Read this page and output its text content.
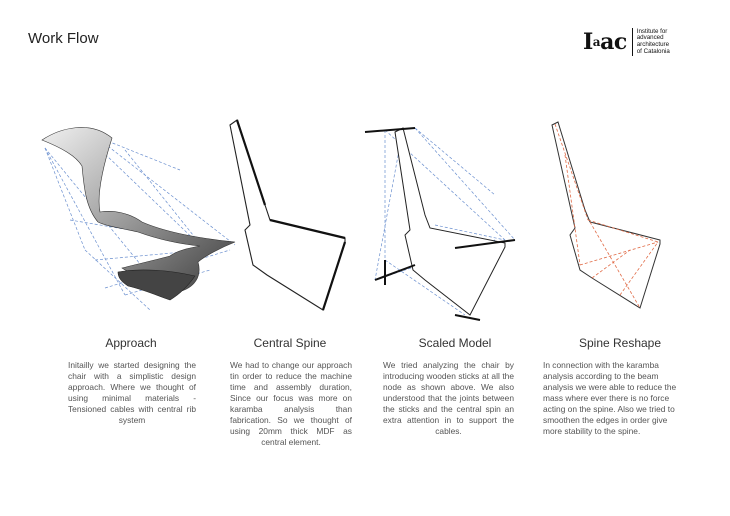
Work Flow	$I^aac$ Institute for
advanced
architecture
of Catalonia
Approach	Central Spine	Scaled Model	Spine Reshape
Initailly we started designing the chair with a simplistic design approach. Where we thought of using minimal materials - Tensioned cables with central rib system
We had to change our approach tin order to reduce the machine time and assembly duration, Since our focus was more on karamba analysis than fabrication. So we thought of using 20mm thick MDF as central element.
We tried analyzing the chair by introducing wooden sticks at all the node as shown above. We also understood that the joints between the sticks and the central spin an extra attention in to support the cables.
In connection with the karamba analysis according to the beam analysis we were able to reduce the mass where ever there is no force acting on the spine. Also we tried to smoothen the edges in order give more stability to the spine.
